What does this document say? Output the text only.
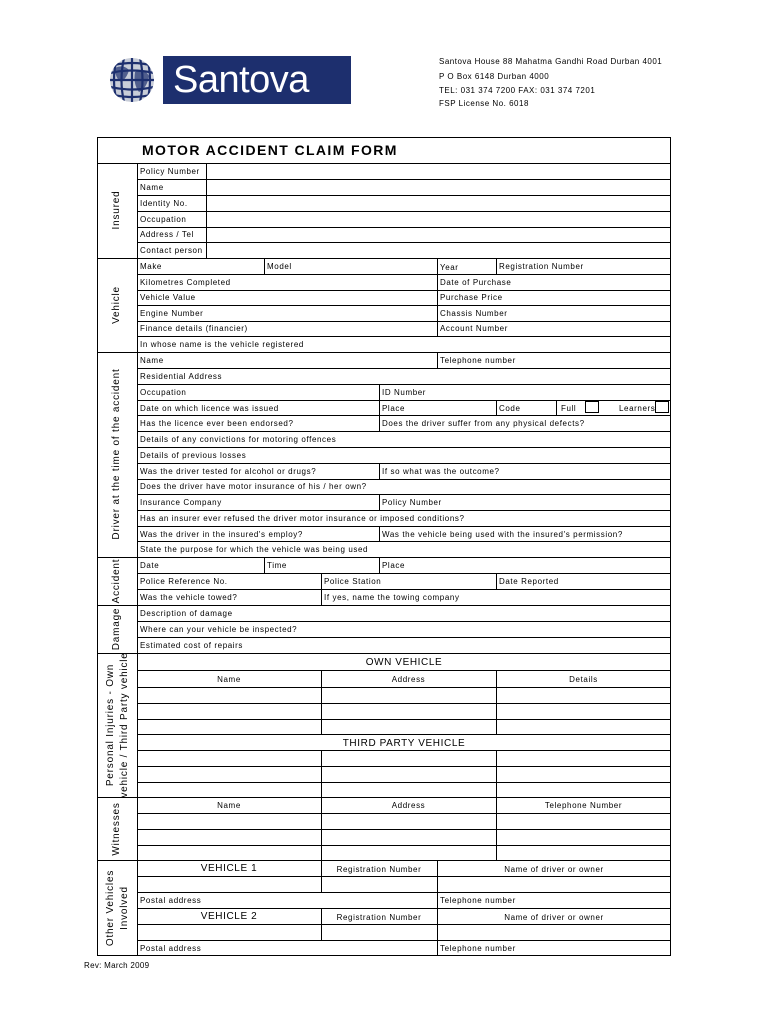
Santova	Santova House 88 Mahatma Gandhi Road Durban 4001
P O Box 6148 Durban 4000
TEL: 031 374 7200 FAX: 031 374 7201
FSP License No. 6018
MOTOR ACCIDENT CLAIM FORM
Insured
Vehicle
Driver at the time of the accident
Accident
Damage
Personal Injuries - Own vehicle / Third Party vehicle
Witnesses
Other Vehicles Involved
Policy Number
Name
Identity No.
Occupation
Address / Tel
Contact person
Make	Model	Year	Registration Number
Kilometres Completed	Date of Purchase
Vehicle Value	Purchase Price
Engine Number	Chassis Number
Finance details (financier)	Account Number
In whose name is the vehicle registered
Name	Telephone number
Residential Address
Occupation	ID Number
Date on which licence was issued	Place	Code	Full	Learners
Has the licence ever been endorsed?	Does the driver suffer from any physical defects?
Details of any convictions for motoring offences
Details of previous losses
Was the driver tested for alcohol or drugs?	If so what was the outcome?
Does the driver have motor insurance of his / her own?
Insurance Company	Policy Number
Has an insurer ever refused the driver motor insurance or imposed conditions?
Was the driver in the insured's employ?	Was the vehicle being used with the insured's permission?
State the purpose for which the vehicle was being used
Date	Time	Place
Police Reference No.	Police Station	Date Reported
Was the vehicle towed?	If yes, name the towing company
Description of damage
Where can your vehicle be inspected?
Estimated cost of repairs
OWN VEHICLE
Name	Address	Details
THIRD PARTY VEHICLE
Name	Address	Telephone Number
VEHICLE 1	Registration Number	Name of driver or owner
Postal address	Telephone number
VEHICLE 2	Registration Number	Name of driver or owner
Postal address	Telephone number
Rev: March 2009
